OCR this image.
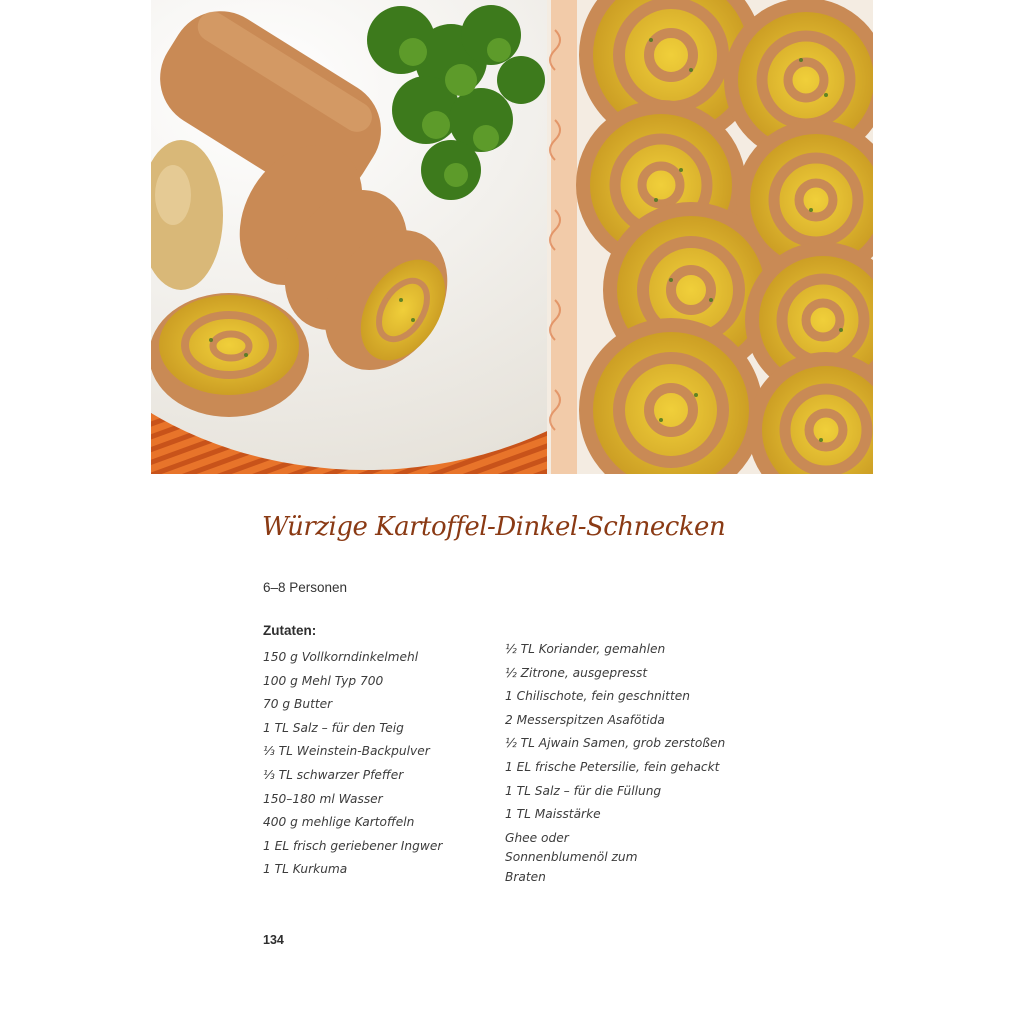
Würzige Kartoffel-Dinkel-Schnecken
6–8 Personen
Zutaten:
150 g Vollkorndinkelmehl
100 g Mehl Typ 700
70 g Butter
1 TL Salz – für den Teig
⅓ TL Weinstein-Backpulver
⅓ TL schwarzer Pfeffer
150–180 ml Wasser
400 g mehlige Kartoffeln
1 EL frisch geriebener Ingwer
1 TL Kurkuma
½ TL Koriander, gemahlen
½ Zitrone, ausgepresst
1 Chilischote, fein geschnitten
2 Messerspitzen Asafötida
½ TL Ajwain Samen, grob zerstoßen
1 EL frische Petersilie, fein gehackt
1 TL Salz – für die Füllung
1 TL Maisstärke
Ghee oder Sonnenblumenöl zum Braten
134
